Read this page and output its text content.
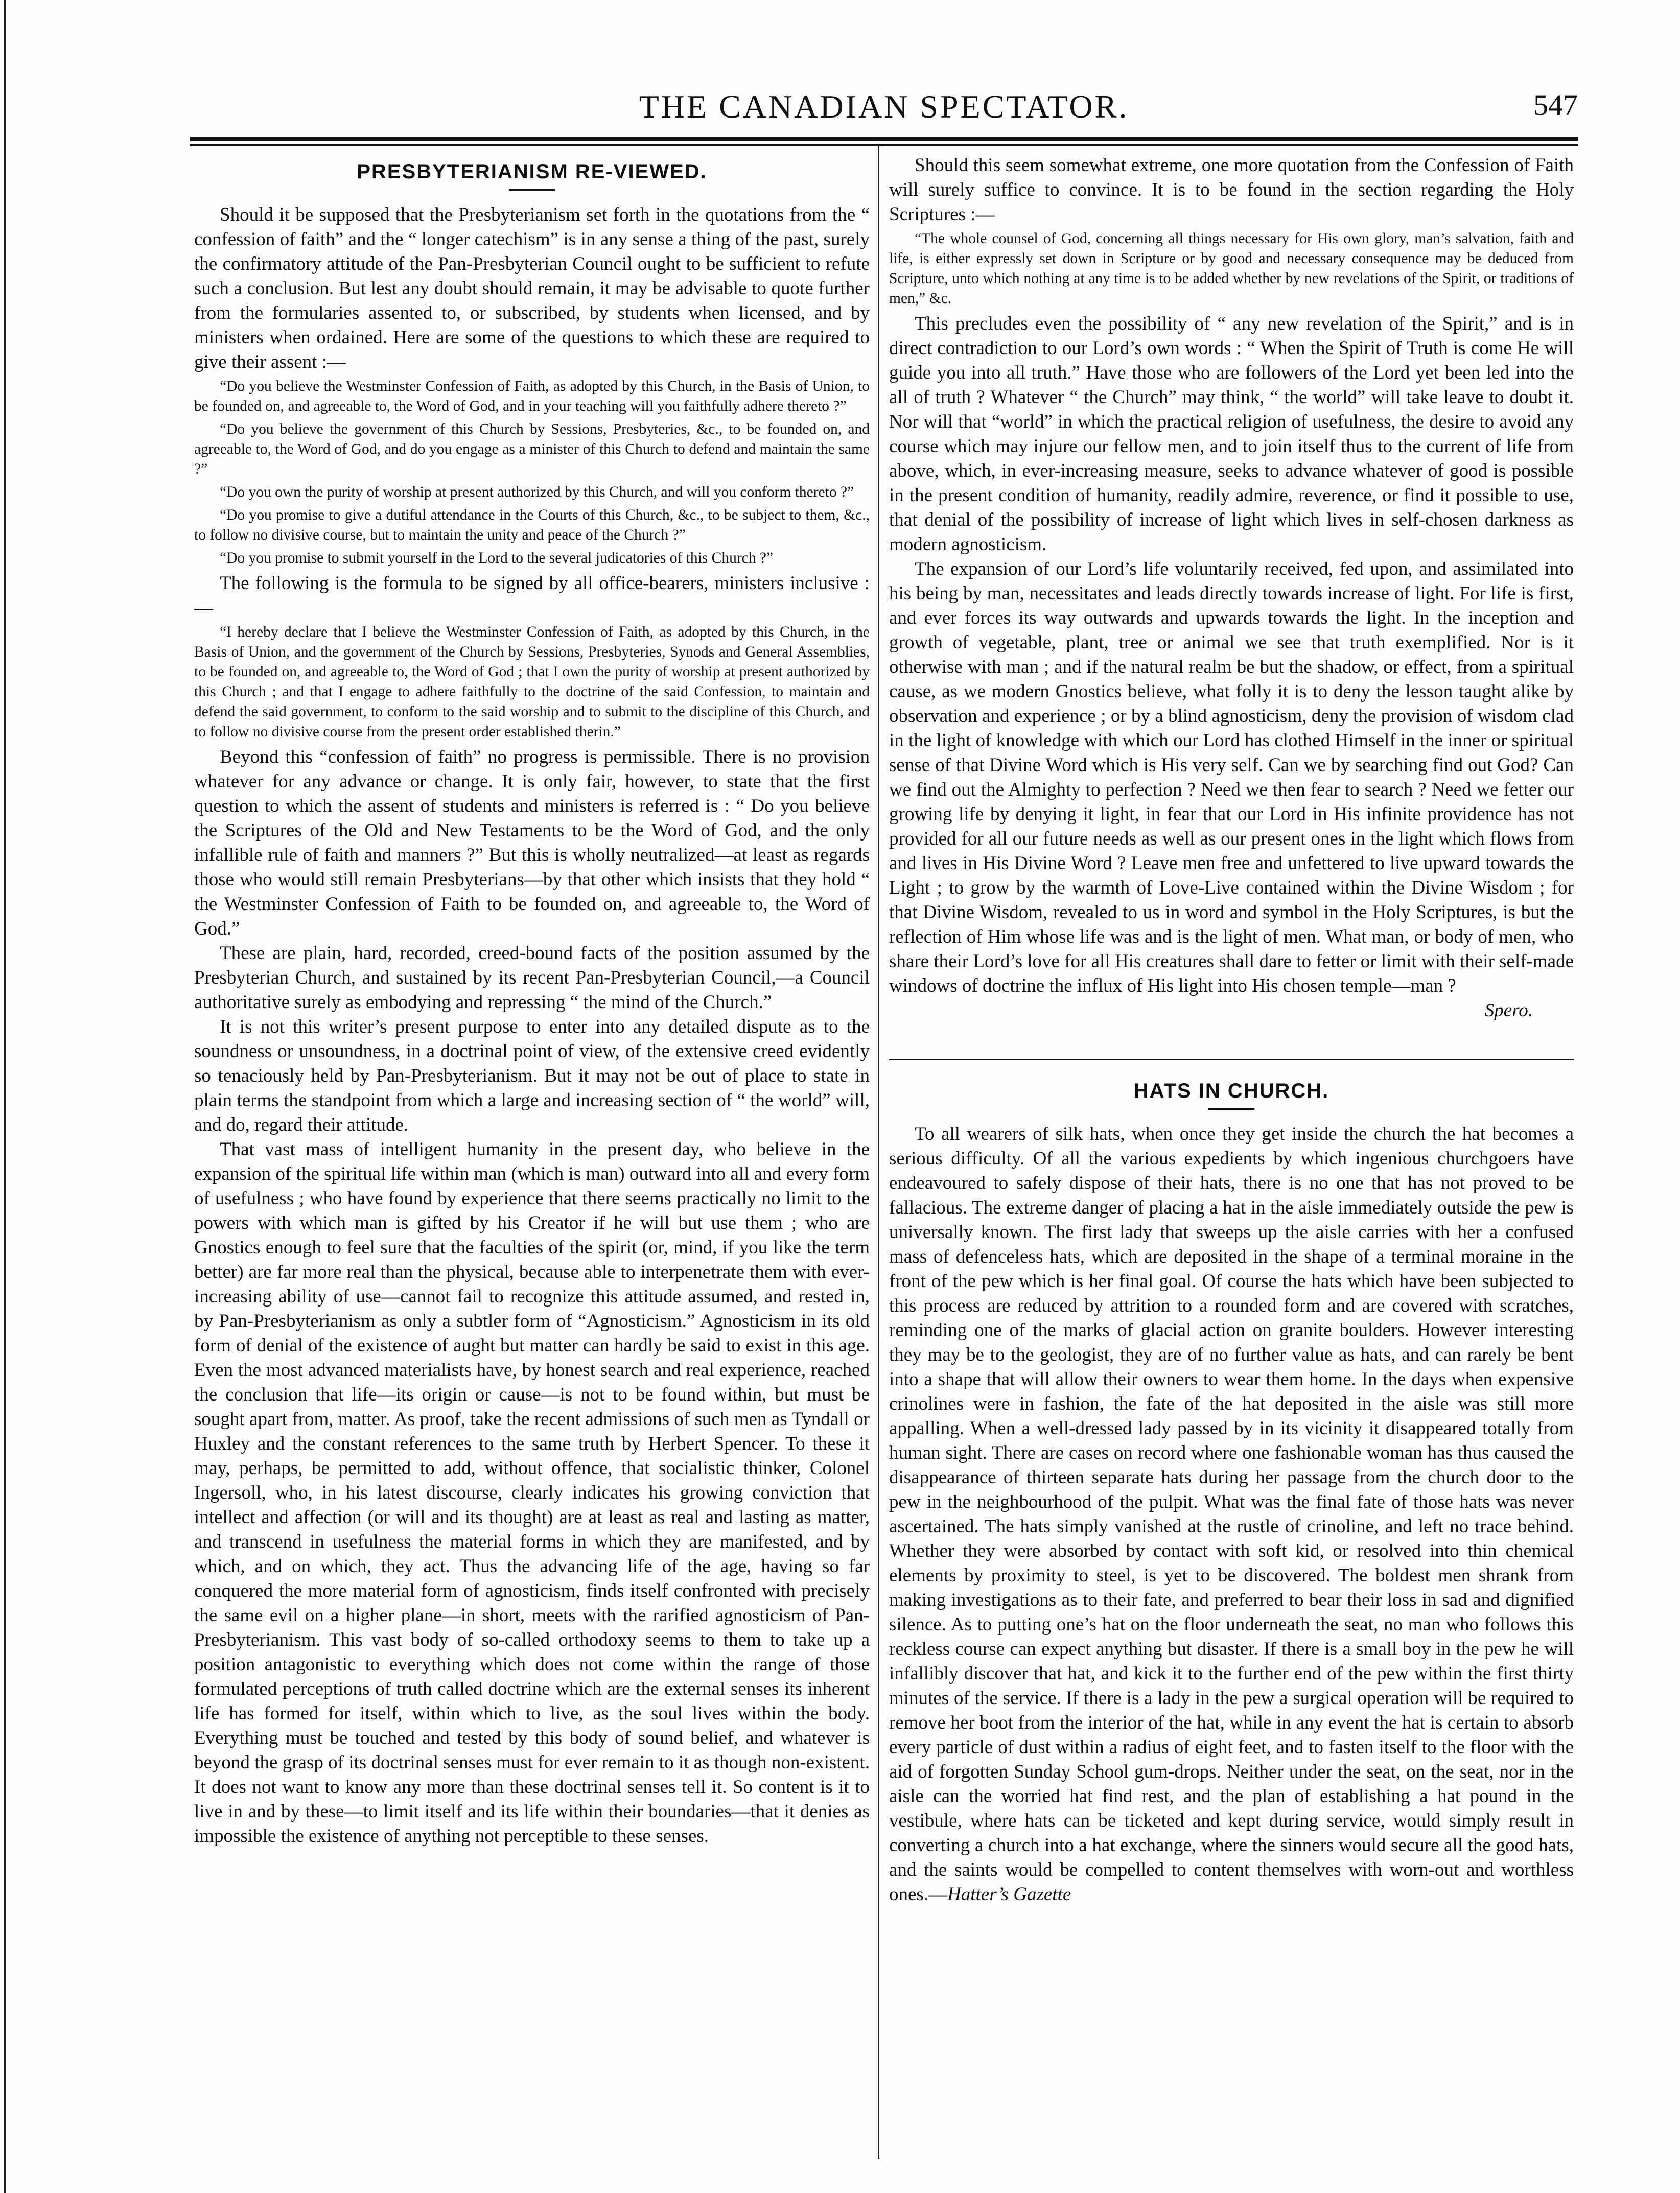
THE CANADIAN SPECTATOR.	547
PRESBYTERIANISM RE-VIEWED.

Should it be supposed that the Presbyterianism set forth in the quotations from the “ confession of faith” and the “ longer catechism” is in any sense a thing of the past, surely the confirmatory attitude of the Pan-Presbyterian Council ought to be sufficient to refute such a conclusion. But lest any doubt should remain, it may be advisable to quote further from the formularies assented to, or subscribed, by students when licensed, and by ministers when ordained. Here are some of the questions to which these are required to give their assent :—

“Do you believe the Westminster Confession of Faith, as adopted by this Church, in the Basis of Union, to be founded on, and agreeable to, the Word of God, and in your teaching will you faithfully adhere thereto ?”
“Do you believe the government of this Church by Sessions, Presbyteries, &c., to be founded on, and agreeable to, the Word of God, and do you engage as a minister of this Church to defend and maintain the same ?”
“Do you own the purity of worship at present authorized by this Church, and will you conform thereto ?”
“Do you promise to give a dutiful attendance in the Courts of this Church, &c., to be subject to them, &c., to follow no divisive course, but to maintain the unity and peace of the Church ?”
“Do you promise to submit yourself in the Lord to the several judicatories of this Church ?”

The following is the formula to be signed by all office-bearers, ministers inclusive :—

“I hereby declare that I believe the Westminster Confession of Faith, as adopted by this Church, in the Basis of Union, and the government of the Church by Sessions, Presbyteries, Synods and General Assemblies, to be founded on, and agreeable to, the Word of God ; that I own the purity of worship at present authorized by this Church ; and that I engage to adhere faithfully to the doctrine of the said Confession, to maintain and defend the said government, to conform to the said worship and to submit to the discipline of this Church, and to follow no divisive course from the present order established therin.”

Beyond this “confession of faith” no progress is permissible. There is no provision whatever for any advance or change. It is only fair, however, to state that the first question to which the assent of students and ministers is referred is : “ Do you believe the Scriptures of the Old and New Testaments to be the Word of God, and the only infallible rule of faith and manners ?” But this is wholly neutralized—at least as regards those who would still remain Presbyterians—by that other which insists that they hold “ the Westminster Confession of Faith to be founded on, and agreeable to, the Word of God.”

These are plain, hard, recorded, creed-bound facts of the position assumed by the Presbyterian Church, and sustained by its recent Pan-Presbyterian Council,—a Council authoritative surely as embodying and repressing “ the mind of the Church.”

It is not this writer’s present purpose to enter into any detailed dispute as to the soundness or unsoundness, in a doctrinal point of view, of the extensive creed evidently so tenaciously held by Pan-Presbyterianism. But it may not be out of place to state in plain terms the standpoint from which a large and increasing section of “ the world” will, and do, regard their attitude.

That vast mass of intelligent humanity in the present day, who believe in the expansion of the spiritual life within man (which is man) outward into all and every form of usefulness ; who have found by experience that there seems practically no limit to the powers with which man is gifted by his Creator if he will but use them ; who are Gnostics enough to feel sure that the faculties of the spirit (or, mind, if you like the term better) are far more real than the physical, because able to interpenetrate them with ever-increasing ability of use—cannot fail to recognize this attitude assumed, and rested in, by Pan-Presbyterianism as only a subtler form of “Agnosticism.” Agnosticism in its old form of denial of the existence of aught but matter can hardly be said to exist in this age. Even the most advanced materialists have, by honest search and real experience, reached the conclusion that life—its origin or cause—is not to be found within, but must be sought apart from, matter. As proof, take the recent admissions of such men as Tyndall or Huxley and the constant references to the same truth by Herbert Spencer. To these it may, perhaps, be permitted to add, without offence, that socialistic thinker, Colonel Ingersoll, who, in his latest discourse, clearly indicates his growing conviction that intellect and affection (or will and its thought) are at least as real and lasting as matter, and transcend in usefulness the material forms in which they are manifested, and by which, and on which, they act. Thus the advancing life of the age, having so far conquered the more material form of agnosticism, finds itself confronted with precisely the same evil on a higher plane—in short, meets with the rarified agnosticism of Pan-Presbyterianism. This vast body of so-called orthodoxy seems to them to take up a position antagonistic to everything which does not come within the range of those formulated perceptions of truth called doctrine which are the external senses its inherent life has formed for itself, within which to live, as the soul lives within the body. Everything must be touched and tested by this body of sound belief, and whatever is beyond the grasp of its doctrinal senses must for ever remain to it as though non-existent. It does not want to know any more than these doctrinal senses tell it. So content is it to live in and by these—to limit itself and its life within their boundaries—that it denies as impossible the existence of anything not perceptible to these senses.

Should this seem somewhat extreme, one more quotation from the Confession of Faith will surely suffice to convince. It is to be found in the section regarding the Holy Scriptures :—

“The whole counsel of God, concerning all things necessary for His own glory, man’s salvation, faith and life, is either expressly set down in Scripture or by good and necessary consequence may be deduced from Scripture, unto which nothing at any time is to be added whether by new revelations of the Spirit, or traditions of men,” &c.

This precludes even the possibility of “ any new revelation of the Spirit,” and is in direct contradiction to our Lord’s own words : “ When the Spirit of Truth is come He will guide you into all truth.” Have those who are followers of the Lord yet been led into the all of truth ? Whatever “ the Church” may think, “ the world” will take leave to doubt it. Nor will that “world” in which the practical religion of usefulness, the desire to avoid any course which may injure our fellow men, and to join itself thus to the current of life from above, which, in ever-increasing measure, seeks to advance whatever of good is possible in the present condition of humanity, readily admire, reverence, or find it possible to use, that denial of the possibility of increase of light which lives in self-chosen darkness as modern agnosticism.

The expansion of our Lord’s life voluntarily received, fed upon, and assimilated into his being by man, necessitates and leads directly towards increase of light. For life is first, and ever forces its way outwards and upwards towards the light. In the inception and growth of vegetable, plant, tree or animal we see that truth exemplified. Nor is it otherwise with man ; and if the natural realm be but the shadow, or effect, from a spiritual cause, as we modern Gnostics believe, what folly it is to deny the lesson taught alike by observation and experience ; or by a blind agnosticism, deny the provision of wisdom clad in the light of knowledge with which our Lord has clothed Himself in the inner or spiritual sense of that Divine Word which is His very self. Can we by searching find out God? Can we find out the Almighty to perfection ? Need we then fear to search ? Need we fetter our growing life by denying it light, in fear that our Lord in His infinite providence has not provided for all our future needs as well as our present ones in the light which flows from and lives in His Divine Word ? Leave men free and unfettered to live upward towards the Light ; to grow by the warmth of Love-Live contained within the Divine Wisdom ; for that Divine Wisdom, revealed to us in word and symbol in the Holy Scriptures, is but the reflection of Him whose life was and is the light of men. What man, or body of men, who share their Lord’s love for all His creatures shall dare to fetter or limit with their self-made windows of doctrine the influx of His light into His chosen temple—man ?

Spero.

HATS IN CHURCH.

To all wearers of silk hats, when once they get inside the church the hat becomes a serious difficulty. Of all the various expedients by which ingenious churchgoers have endeavoured to safely dispose of their hats, there is no one that has not proved to be fallacious. The extreme danger of placing a hat in the aisle immediately outside the pew is universally known. The first lady that sweeps up the aisle carries with her a confused mass of defenceless hats, which are deposited in the shape of a terminal moraine in the front of the pew which is her final goal. Of course the hats which have been subjected to this process are reduced by attrition to a rounded form and are covered with scratches, reminding one of the marks of glacial action on granite boulders. However interesting they may be to the geologist, they are of no further value as hats, and can rarely be bent into a shape that will allow their owners to wear them home. In the days when expensive crinolines were in fashion, the fate of the hat deposited in the aisle was still more appalling. When a well-dressed lady passed by in its vicinity it disappeared totally from human sight. There are cases on record where one fashionable woman has thus caused the disappearance of thirteen separate hats during her passage from the church door to the pew in the neighbourhood of the pulpit. What was the final fate of those hats was never ascertained. The hats simply vanished at the rustle of crinoline, and left no trace behind. Whether they were absorbed by contact with soft kid, or resolved into thin chemical elements by proximity to steel, is yet to be discovered. The boldest men shrank from making investigations as to their fate, and preferred to bear their loss in sad and dignified silence. As to putting one’s hat on the floor underneath the seat, no man who follows this reckless course can expect anything but disaster. If there is a small boy in the pew he will infallibly discover that hat, and kick it to the further end of the pew within the first thirty minutes of the service. If there is a lady in the pew a surgical operation will be required to remove her boot from the interior of the hat, while in any event the hat is certain to absorb every particle of dust within a radius of eight feet, and to fasten itself to the floor with the aid of forgotten Sunday School gum-drops. Neither under the seat, on the seat, nor in the aisle can the worried hat find rest, and the plan of establishing a hat pound in the vestibule, where hats can be ticketed and kept during service, would simply result in converting a church into a hat exchange, where the sinners would secure all the good hats, and the saints would be compelled to content themselves with worn-out and worthless ones.—Hatter’s Gazette
